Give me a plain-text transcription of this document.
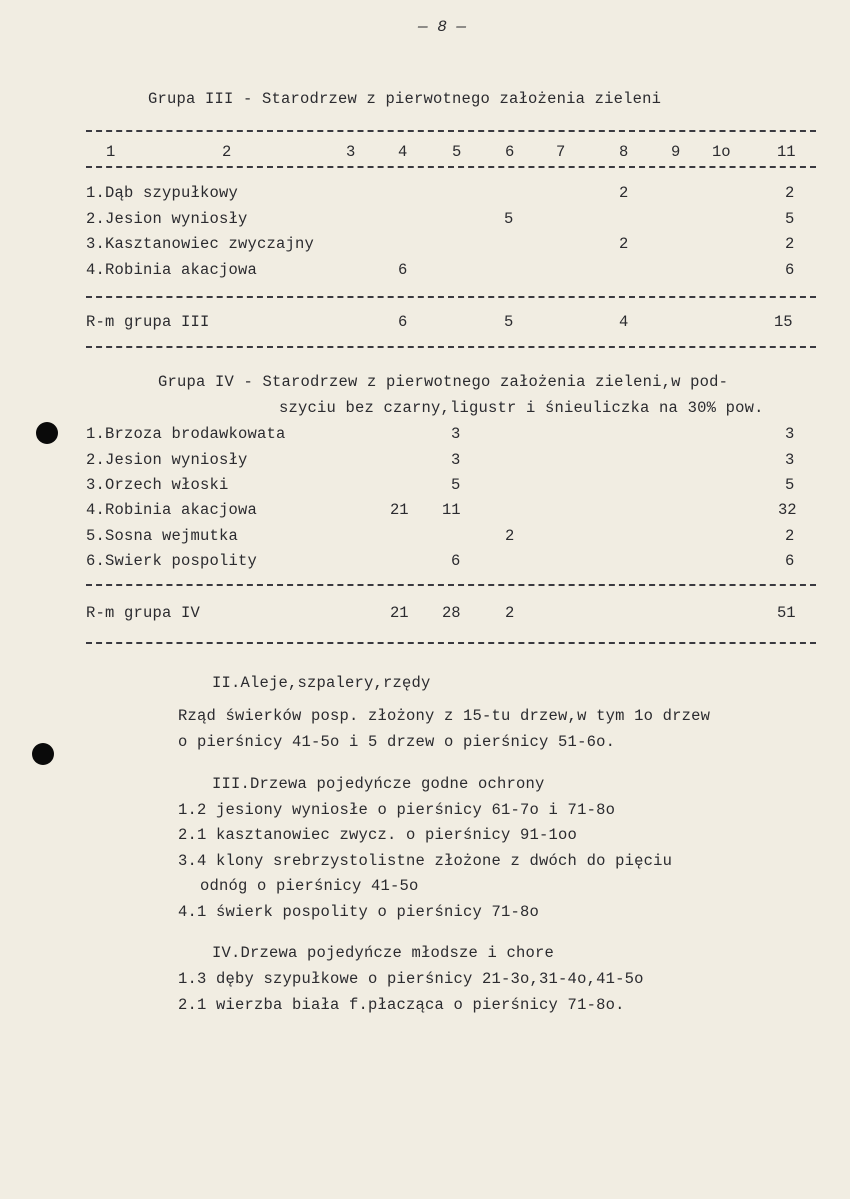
— 8 —
Grupa III - Starodrzew z pierwotnego założenia zieleni
1	2	3	4	5	6	7	8	9 1o	11
1.Dąb szypułkowy	2	2
2.Jesion wyniosły	5	5
3.Kasztanowiec zwyczajny	2	2
4.Robinia akacjowa	6	6
R-m grupa III	6	5	4	15
Grupa IV - Starodrzew z pierwotnego założenia zieleni,w pod-
szyciu bez czarny,ligustr i śnieuliczka na 30% pow.
1.Brzoza brodawkowata	3	3
2.Jesion wyniosły	3	3
3.Orzech włoski	5	5
4.Robinia akacjowa	21 11	32
5.Sosna wejmutka	2	2
6.Swierk pospolity	6	6
R-m grupa IV	21 28	2	51
II.Aleje,szpalery,rzędy
Rząd świerków posp. złożony z 15-tu drzew,w tym 1o drzew
o pierśnicy 41-5o i 5 drzew o pierśnicy 51-6o.
III.Drzewa pojedyńcze godne ochrony
1.2 jesiony wyniosłe o pierśnicy 61-7o i 71-8o
2.1 kasztanowiec zwycz. o pierśnicy 91-1oo
3.4 klony srebrzystolistne złożone z dwóch do pięciu
odnóg o pierśnicy 41-5o
4.1 świerk pospolity o pierśnicy 71-8o
IV.Drzewa pojedyńcze młodsze i chore
1.3 dęby szypułkowe o pierśnicy 21-3o,31-4o,41-5o
2.1 wierzba biała f.płacząca o pierśnicy 71-8o.
